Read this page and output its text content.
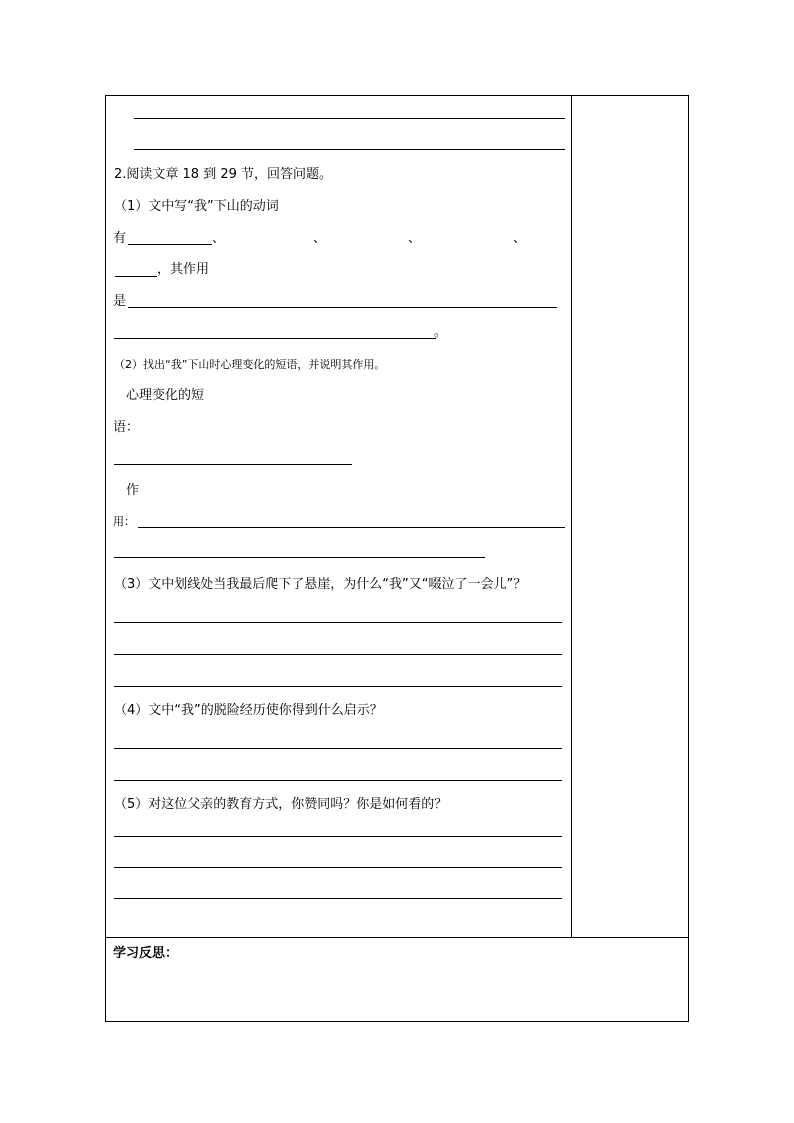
2.阅读文章 18 到 29 节，回答问题。
（1）文中写“我”下山的动词
有	、	、	、	、
，其作用
是
。
（2）找出“我”下山时心理变化的短语，并说明其作用。
心理变化的短
语：
作
用：
（3）文中划线处当我最后爬下了悬崖，为什么“我”又“啜泣了一会儿”？
（4）文中“我”的脱险经历使你得到什么启示？
（5）对这位父亲的教育方式，你赞同吗？你是如何看的？
学习反思：
